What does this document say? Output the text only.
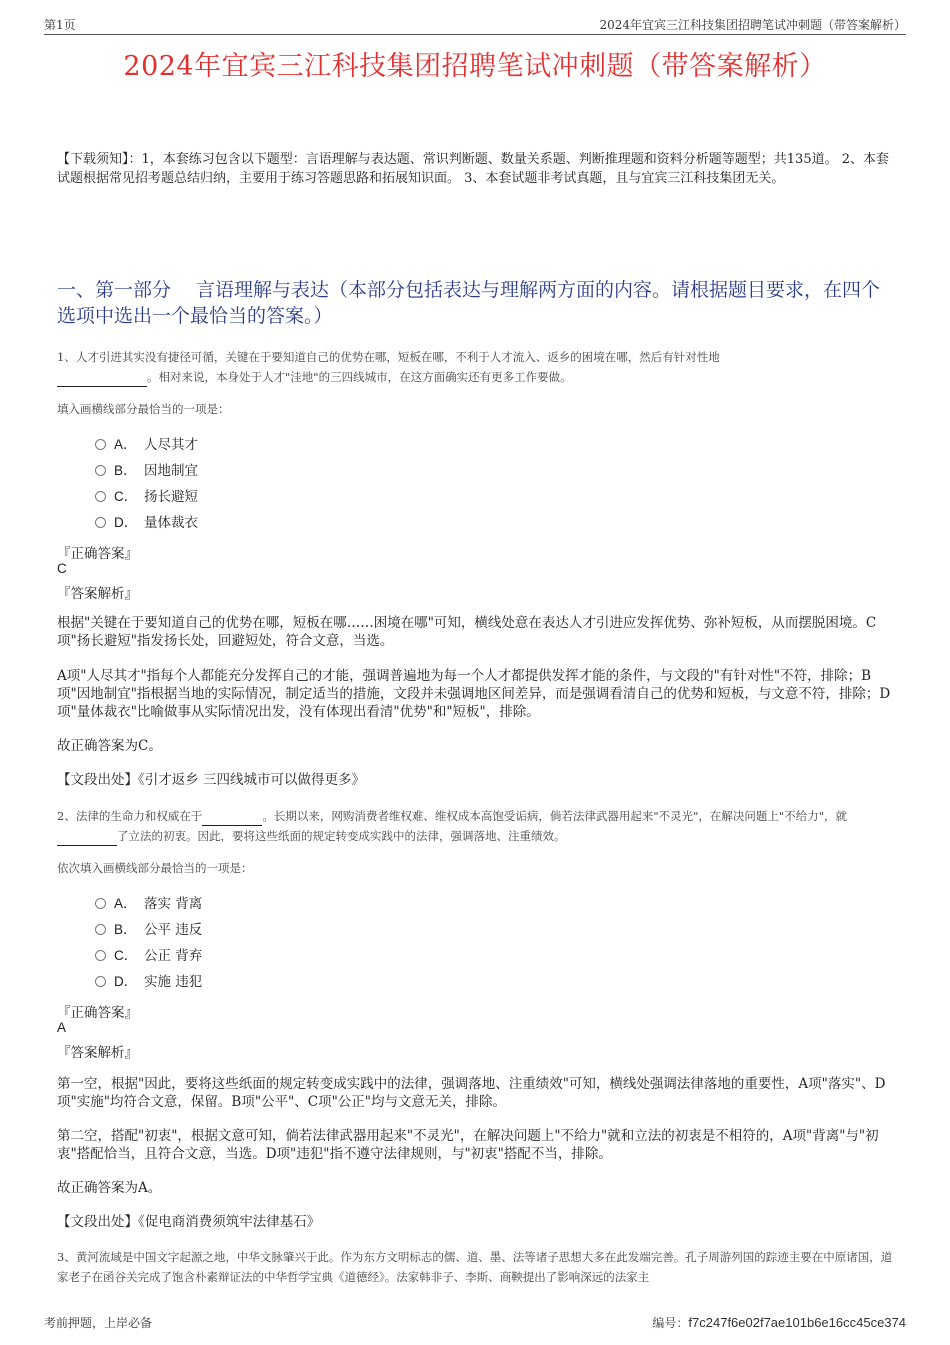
第1页	2024年宜宾三江科技集团招聘笔试冲刺题（带答案解析）
2024年宜宾三江科技集团招聘笔试冲刺题（带答案解析）
【下载须知】：1，本套练习包含以下题型：言语理解与表达题、常识判断题、数量关系题、判断推理题和资料分析题等题型；共135道。 2、本套试题根据常见招考题总结归纳，主要用于练习答题思路和拓展知识面。 3、本套试题非考试真题，且与宜宾三江科技集团无关。
一、第一部分　 言语理解与表达（本部分包括表达与理解两方面的内容。请根据题目要求，在四个选项中选出一个最恰当的答案。）
1、人才引进其实没有捷径可循，关键在于要知道自己的优势在哪，短板在哪，不利于人才流入、返乡的困境在哪，然后有针对性地
。相对来说，本身处于人才"洼地"的三四线城市，在这方面确实还有更多工作要做。
填入画横线部分最恰当的一项是：
A． 人尽其才
B． 因地制宜
C． 扬长避短
D． 量体裁衣
『正确答案』
C
『答案解析』
根据"关键在于要知道自己的优势在哪，短板在哪……困境在哪"可知，横线处意在表达人才引进应发挥优势、弥补短板，从而摆脱困境。C项"扬长避短"指发扬长处，回避短处，符合文意，当选。
A项"人尽其才"指每个人都能充分发挥自己的才能，强调普遍地为每一个人才都提供发挥才能的条件，与文段的"有针对性"不符，排除；B项"因地制宜"指根据当地的实际情况，制定适当的措施，文段并未强调地区间差异，而是强调看清自己的优势和短板，与文意不符，排除；D项"量体裁衣"比喻做事从实际情况出发，没有体现出看清"优势"和"短板"，排除。
故正确答案为C。
【文段出处】《引才返乡 三四线城市可以做得更多》
2、法律的生命力和权威在于	。长期以来，网购消费者维权难、维权成本高饱受诟病，倘若法律武器用起来"不灵光"，在解决问题上"不给力"，就了立法的初衷。因此，要将这些纸面的规定转变成实践中的法律，强调落地、注重绩效。
依次填入画横线部分最恰当的一项是：
A． 落实 背离
B． 公平 违反
C． 公正 背弃
D． 实施 违犯
『正确答案』
A
『答案解析』
第一空，根据"因此，要将这些纸面的规定转变成实践中的法律，强调落地、注重绩效"可知，横线处强调法律落地的重要性，A项"落实"、D项"实施"均符合文意，保留。B项"公平"、C项"公正"均与文意无关，排除。
第二空，搭配"初衷"，根据文意可知，倘若法律武器用起来"不灵光"，在解决问题上"不给力"就和立法的初衷是不相符的，A项"背离"与"初衷"搭配恰当，且符合文意，当选。D项"违犯"指不遵守法律规则，与"初衷"搭配不当，排除。
故正确答案为A。
【文段出处】《促电商消费须筑牢法律基石》
3、黄河流域是中国文字起源之地，中华文脉肇兴于此。作为东方文明标志的儒、道、墨、法等诸子思想大多在此发端完善。孔子周游列国的踪迹主要在中原诸国，道家老子在函谷关完成了饱含朴素辩证法的中华哲学宝典《道德经》。法家韩非子、李斯、商鞅提出了影响深远的法家主
考前押题，上岸必备	编号：f7c247f6e02f7ae101b6e16cc45ce374
